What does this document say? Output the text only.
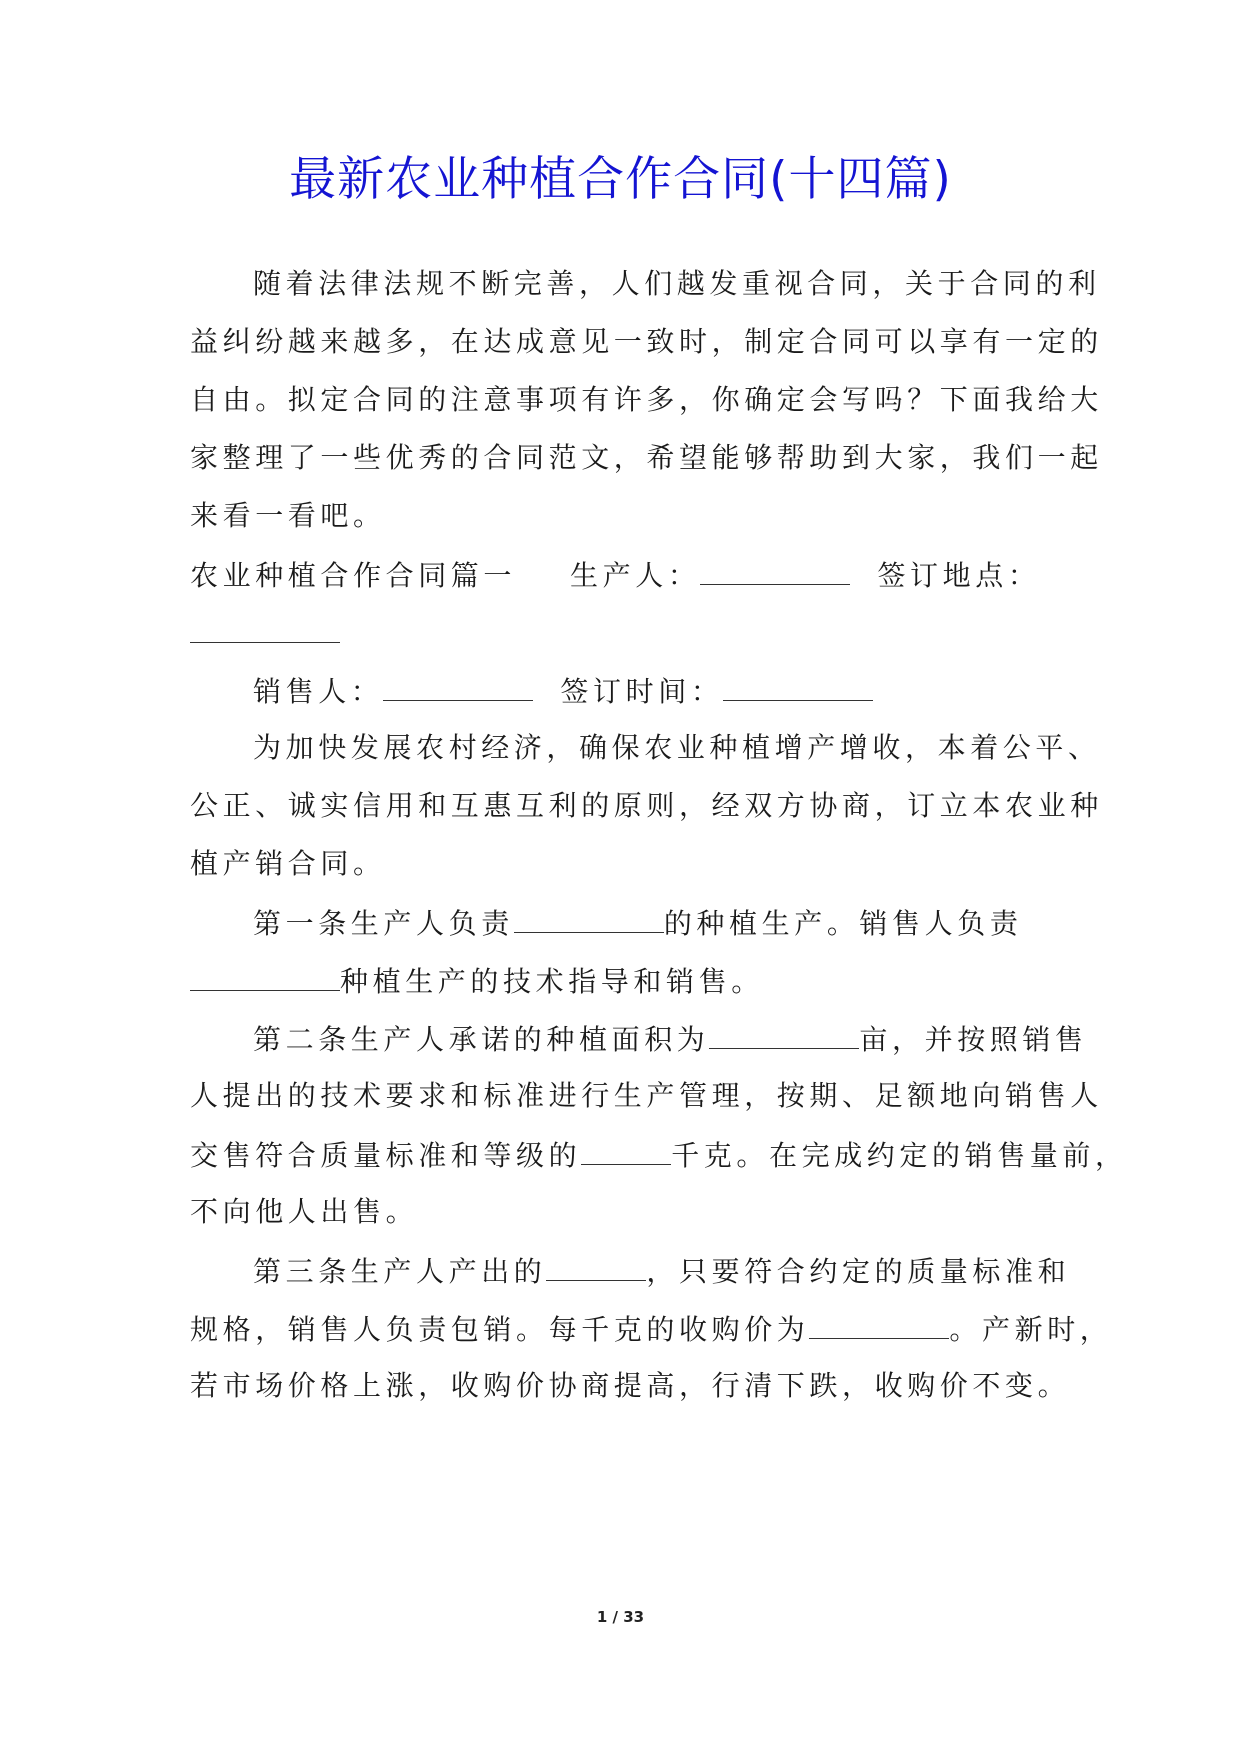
最新农业种植合作合同(十四篇)
随着法律法规不断完善，人们越发重视合同，关于合同的利
益纠纷越来越多，在达成意见一致时，制定合同可以享有一定的
自由。拟定合同的注意事项有许多，你确定会写吗？下面我给大
家整理了一些优秀的合同范文，希望能够帮助到大家，我们一起
来看一看吧。
农业种植合作合同篇一 生产人：	签订地点：
销售人：	签订时间：
为加快发展农村经济，确保农业种植增产增收，本着公平、
公正、诚实信用和互惠互利的原则，经双方协商，订立本农业种
植产销合同。
第一条生产人负责	的种植生产。销售人负责
种植生产的技术指导和销售。
第二条生产人承诺的种植面积为	亩，并按照销售
人提出的技术要求和标准进行生产管理，按期、足额地向销售人
交售符合质量标准和等级的	千克。在完成约定的销售量前，
不向他人出售。
第三条生产人产出的	，只要符合约定的质量标准和
规格，销售人负责包销。每千克的收购价为	。产新时，
若市场价格上涨，收购价协商提高，行清下跌，收购价不变。
1 / 33
